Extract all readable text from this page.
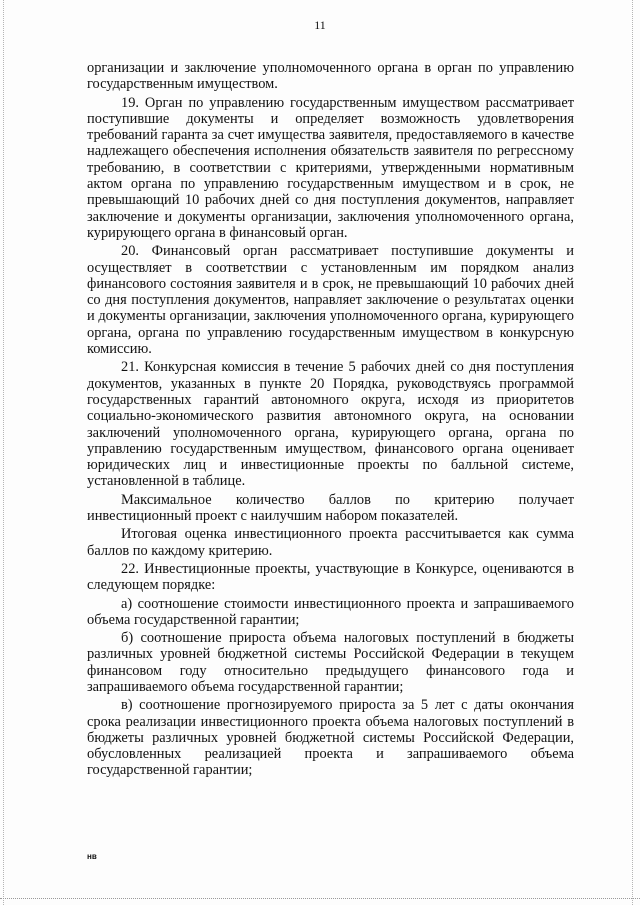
11

организации и заключение уполномоченного органа в орган по управлению государственным имуществом.

19. Орган по управлению государственным имуществом рассматривает поступившие документы и определяет возможность удовлетворения требований гаранта за счет имущества заявителя, предоставляемого в качестве надлежащего обеспечения исполнения обязательств заявителя по регрессному требованию, в соответствии с критериями, утвержденными нормативным актом органа по управлению государственным имуществом и в срок, не превышающий 10 рабочих дней со дня поступления документов, направляет заключение и документы организации, заключения уполномоченного органа, курирующего органа в финансовый орган.

20. Финансовый орган рассматривает поступившие документы и осуществляет в соответствии с установленным им порядком анализ финансового состояния заявителя и в срок, не превышающий 10 рабочих дней со дня поступления документов, направляет заключение о результатах оценки и документы организации, заключения уполномоченного органа, курирующего органа, органа по управлению государственным имуществом в конкурсную комиссию.

21. Конкурсная комиссия в течение 5 рабочих дней со дня поступления документов, указанных в пункте 20 Порядка, руководствуясь программой государственных гарантий автономного округа, исходя из приоритетов социально-экономического развития автономного округа, на основании заключений уполномоченного органа, курирующего органа, органа по управлению государственным имуществом, финансового органа оценивает юридических лиц и инвестиционные проекты по балльной системе, установленной в таблице.

Максимальное количество баллов по критерию получает инвестиционный проект с наилучшим набором показателей.

Итоговая оценка инвестиционного проекта рассчитывается как сумма баллов по каждому критерию.

22. Инвестиционные проекты, участвующие в Конкурсе, оцениваются в следующем порядке:

а) соотношение стоимости инвестиционного проекта и запрашиваемого объема государственной гарантии;

б) соотношение прироста объема налоговых поступлений в бюджеты различных уровней бюджетной системы Российской Федерации в текущем финансовом году относительно предыдущего финансового года и запрашиваемого объема государственной гарантии;

в) соотношение прогнозируемого прироста за 5 лет с даты окончания срока реализации инвестиционного проекта объема налоговых поступлений в бюджеты различных уровней бюджетной системы Российской Федерации, обусловленных реализацией проекта и запрашиваемого объема государственной гарантии;

нв
